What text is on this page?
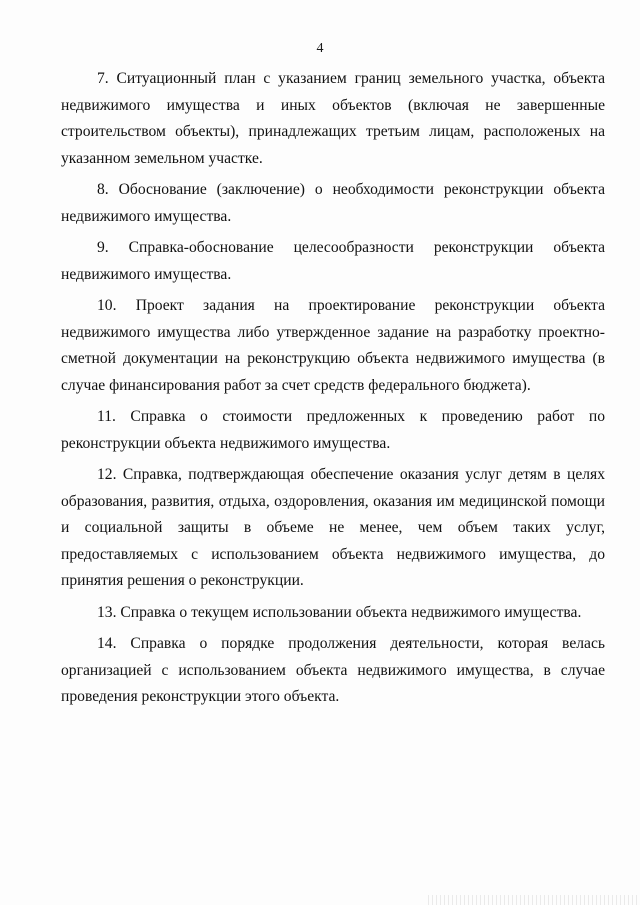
4

7. Ситуационный план с указанием границ земельного участка, объекта недвижимого имущества и иных объектов (включая не завершенные строительством объекты), принадлежащих третьим лицам, расположеных на указанном земельном участке.

8. Обоснование (заключение) о необходимости реконструкции объекта недвижимого имущества.

9. Справка-обоснование целесообразности реконструкции объекта недвижимого имущества.

10. Проект задания на проектирование реконструкции объекта недвижимого имущества либо утвержденное задание на разработку проектно-сметной документации на реконструкцию объекта недвижимого имущества (в случае финансирования работ за счет средств федерального бюджета).

11. Справка о стоимости предложенных к проведению работ по реконструкции объекта недвижимого имущества.

12. Справка, подтверждающая обеспечение оказания услуг детям в целях образования, развития, отдыха, оздоровления, оказания им медицинской помощи и социальной защиты в объеме не менее, чем объем таких услуг, предоставляемых с использованием объекта недвижимого имущества, до принятия решения о реконструкции.

13. Справка о текущем использовании объекта недвижимого имущества.

14. Справка о порядке продолжения деятельности, которая велась организацией с использованием объекта недвижимого имущества, в случае проведения реконструкции этого объекта.
